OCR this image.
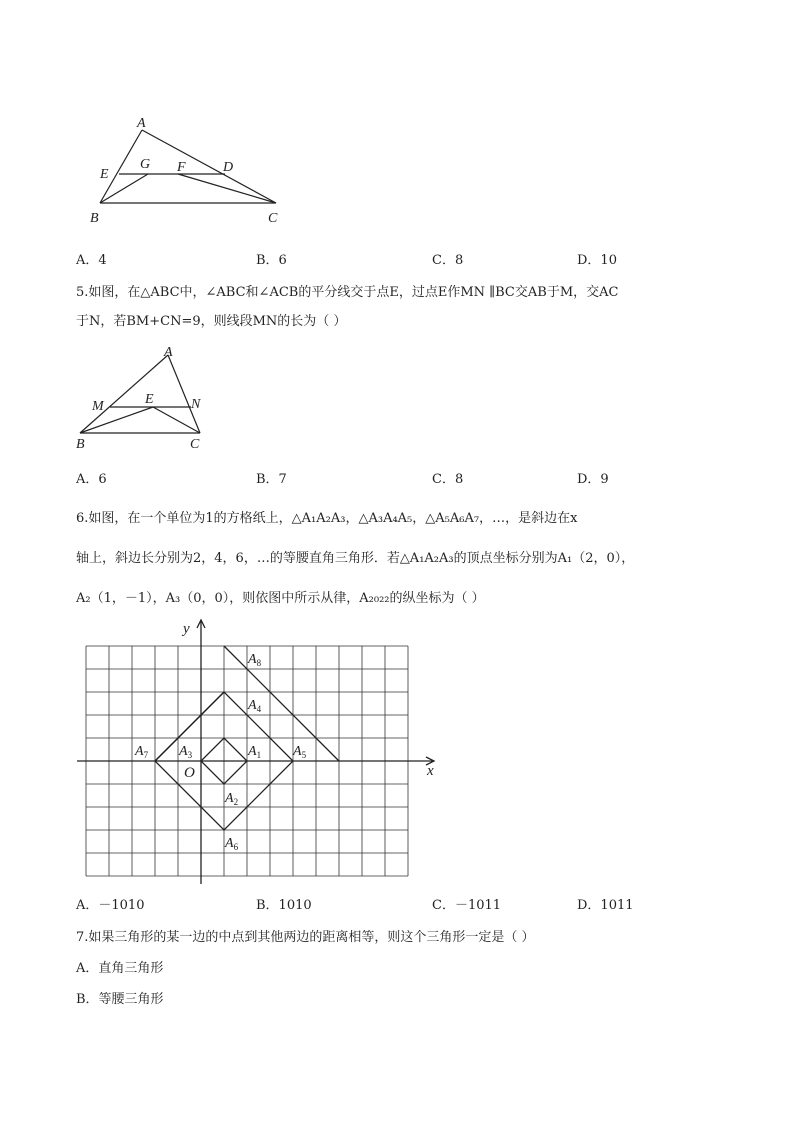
A
B	C
D
E	F
G
A．4	B．6	C．8	D．10
5.如图，在△ABC中，∠ABC和∠ACB的平分线交于点E，过点E作MN ∥BC交AB于M，交AC
于N，若BM+CN=9，则线段MN的长为（ ）
A
B	C
M	N
E
A．6	B．7	C．8	D．9
6.如图，在一个单位为1的方格纸上，△A₁A₂A₃，△A₃A₄A₅，△A₅A₆A₇，…，是斜边在x
轴上，斜边长分别为2，4，6，…的等腰直角三角形．若△A₁A₂A₃的顶点坐标分别为A₁（2，0），
A₂（1，－1），A₃（0，0），则依图中所示从律，A₂₀₂₂的纵坐标为（ ）
x
y
O
$A_1$
$A_2$
$A_3$
$A_4$
$A_5$
$A_6$
$A_7$
$A_8$
A．－1010	B．1010	C．－1011	D．1011
7.如果三角形的某一边的中点到其他两边的距离相等，则这个三角形一定是（ ）
A．直角三角形
B．等腰三角形
